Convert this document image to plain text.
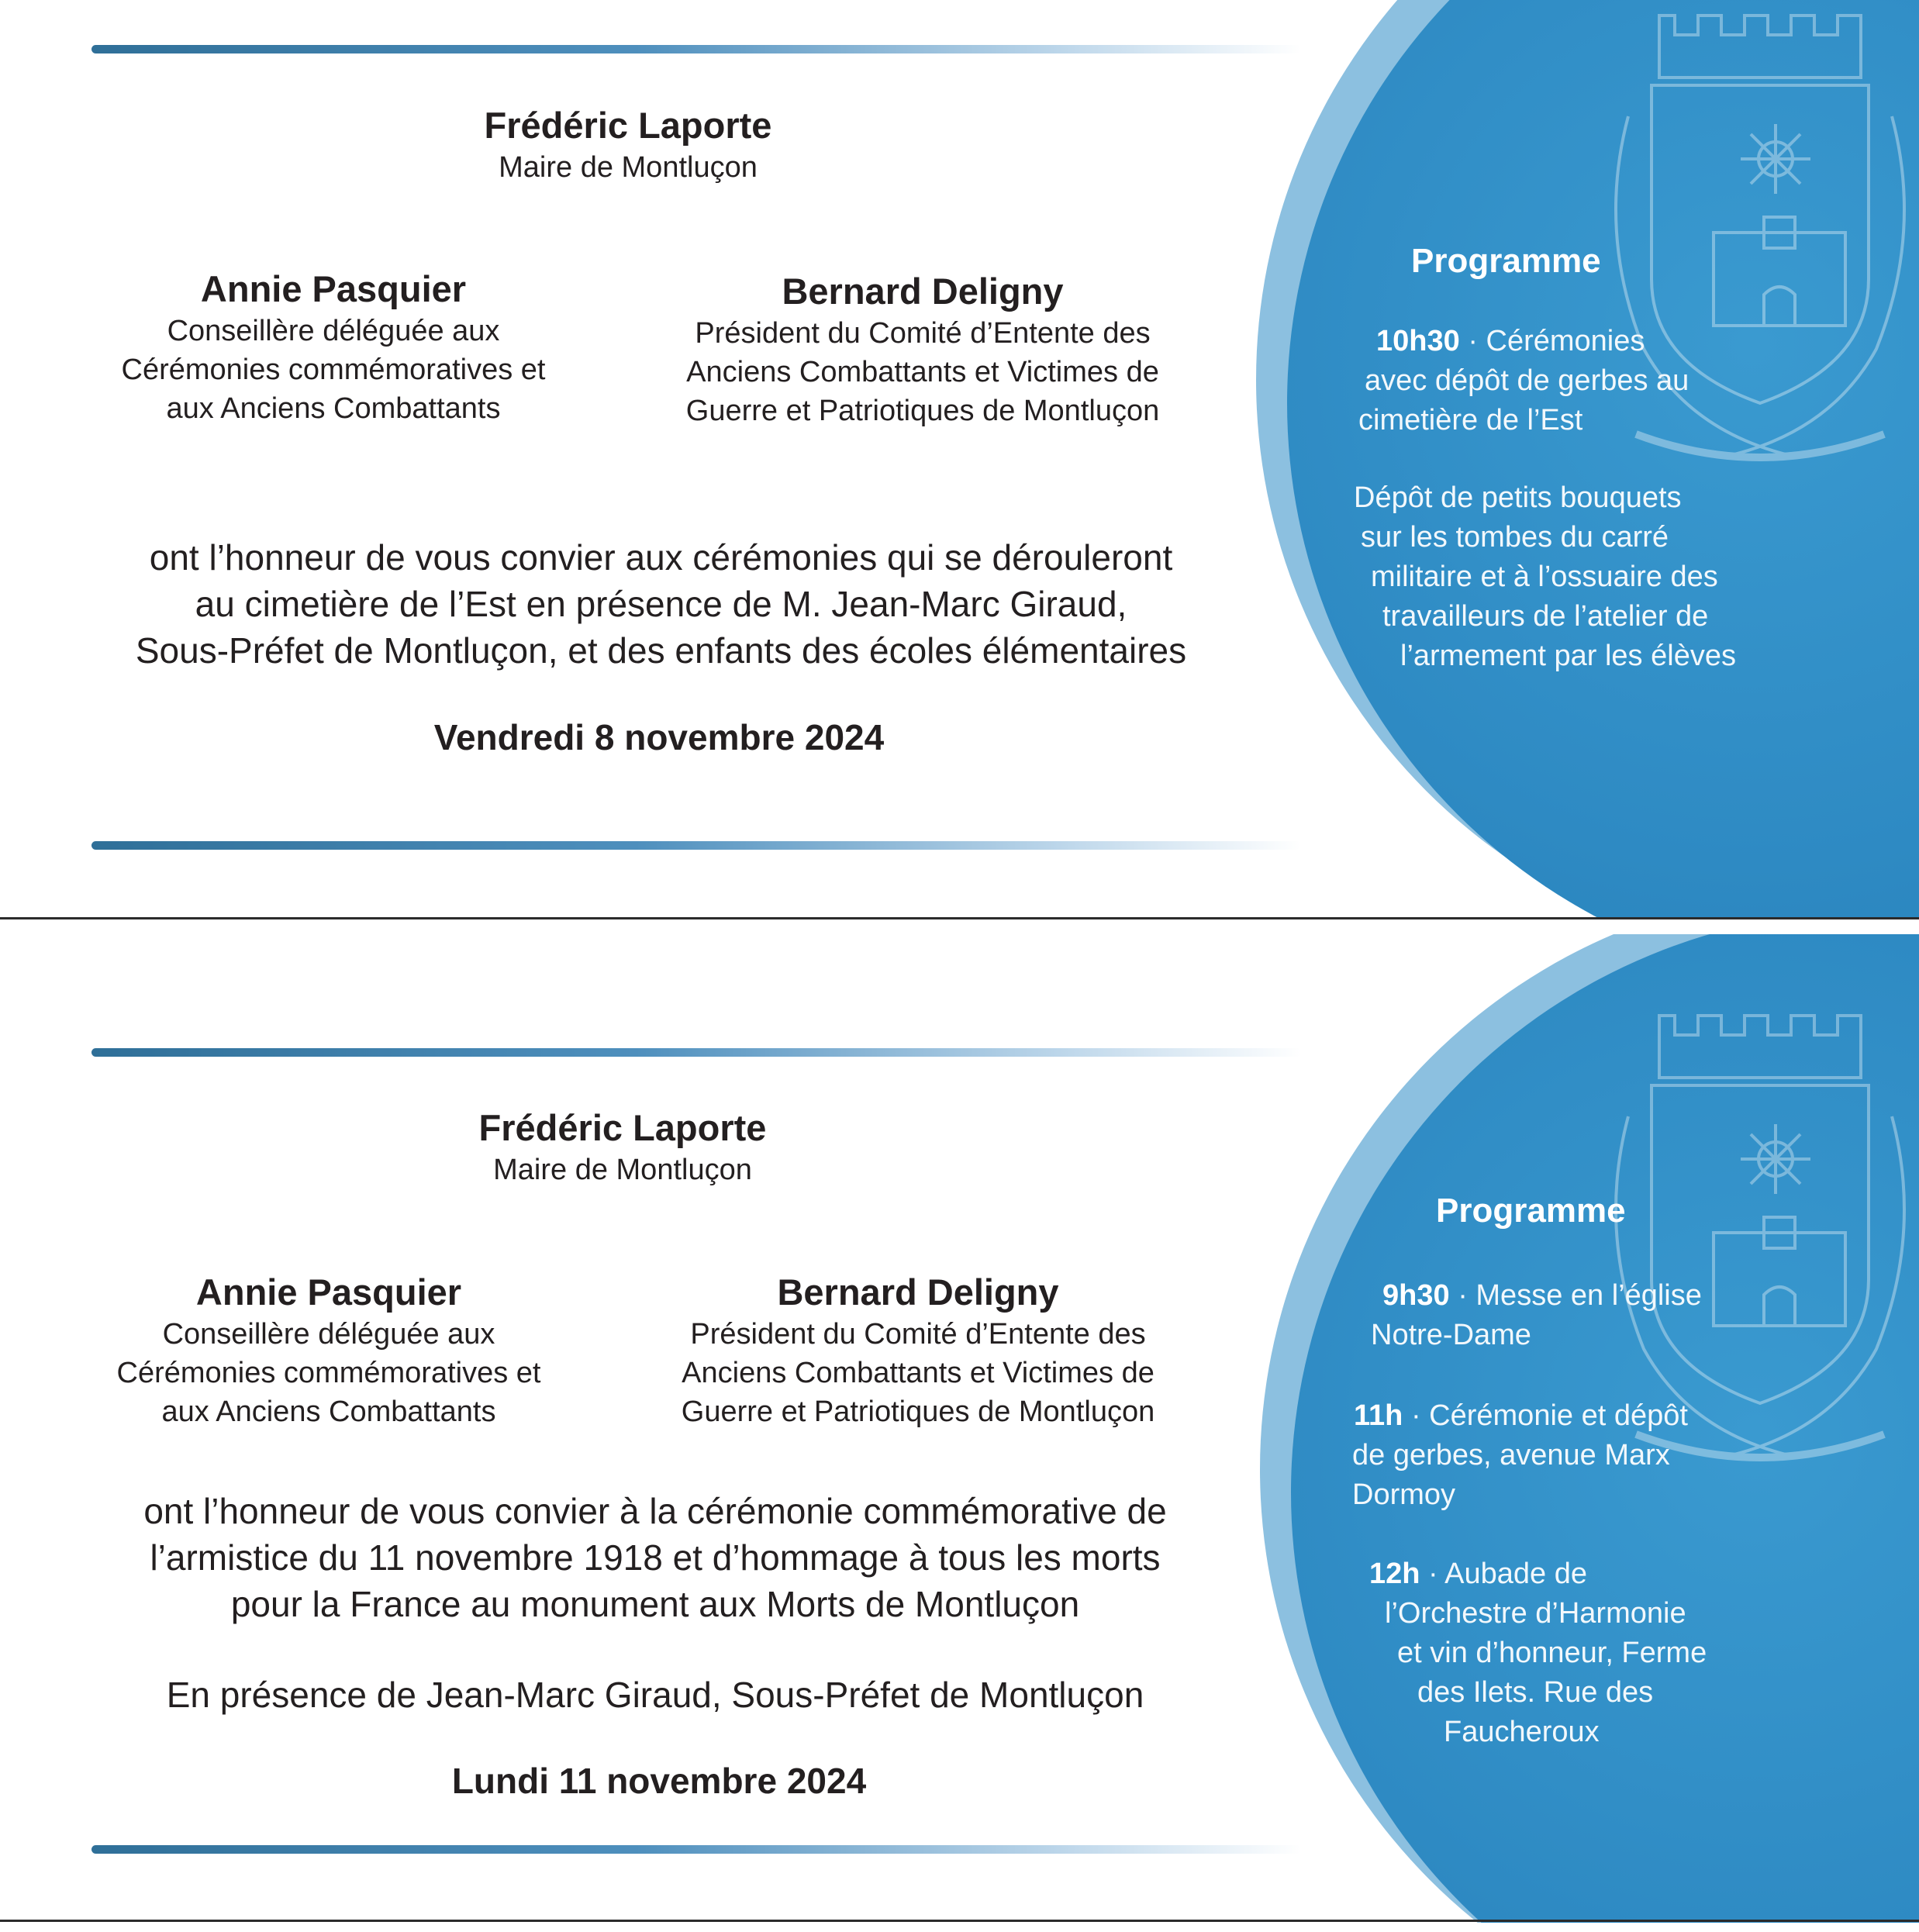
Frédéric Laporte
Maire de Montluçon
Annie Pasquier
Conseillère déléguée aux
Cérémonies commémoratives et
aux Anciens Combattants
Bernard Deligny
Président du Comité d’Entente des
Anciens Combattants et Victimes de
Guerre et Patriotiques de Montluçon
ont l’honneur de vous convier aux cérémonies qui se dérouleront
au cimetière de l’Est en présence de M. Jean-Marc Giraud,
Sous-Préfet de Montluçon, et des enfants des écoles élémentaires
Vendredi 8 novembre 2024
Programme
10h30 · Cérémonies
avec dépôt de gerbes au
cimetière de l’Est
Dépôt de petits bouquets
sur les tombes du carré
militaire et à l’ossuaire des
travailleurs de l’atelier de
l’armement par les élèves
Frédéric Laporte
Maire de Montluçon
Annie Pasquier
Conseillère déléguée aux
Cérémonies commémoratives et
aux Anciens Combattants
Bernard Deligny
Président du Comité d’Entente des
Anciens Combattants et Victimes de
Guerre et Patriotiques de Montluçon
ont l’honneur de vous convier à la cérémonie commémorative de
l’armistice du 11 novembre 1918 et d’hommage à tous les morts
pour la France au monument aux Morts de Montluçon
En présence de Jean-Marc Giraud, Sous-Préfet de Montluçon
Lundi 11 novembre 2024
Programme
9h30 · Messe en l’église
Notre-Dame
11h · Cérémonie et dépôt
de gerbes, avenue Marx
Dormoy
12h · Aubade de
l’Orchestre d’Harmonie
et vin d’honneur, Ferme
des Ilets. Rue des
Faucheroux
